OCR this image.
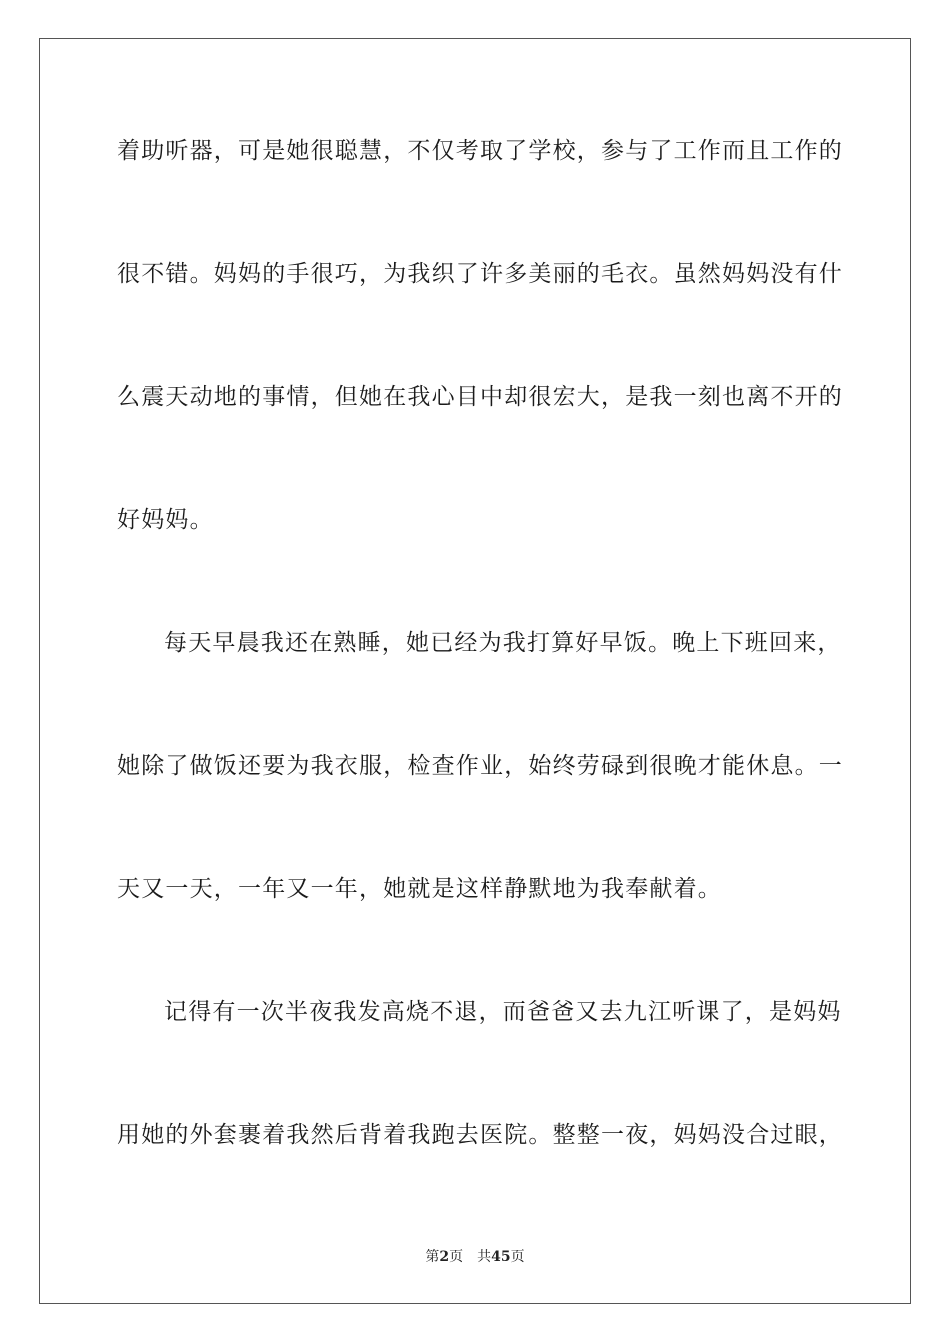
着助听器，可是她很聪慧，不仅考取了学校，参与了工作而且工作的
很不错。妈妈的手很巧，为我织了许多美丽的毛衣。虽然妈妈没有什
么震天动地的事情，但她在我心目中却很宏大，是我一刻也离不开的
好妈妈。
每天早晨我还在熟睡，她已经为我打算好早饭。晚上下班回来，
她除了做饭还要为我衣服，检查作业，始终劳碌到很晚才能休息。一
天又一天，一年又一年，她就是这样静默地为我奉献着。
记得有一次半夜我发高烧不退，而爸爸又去九江听课了，是妈妈
用她的外套裹着我然后背着我跑去医院。整整一夜，妈妈没合过眼，
第2页 共45页
